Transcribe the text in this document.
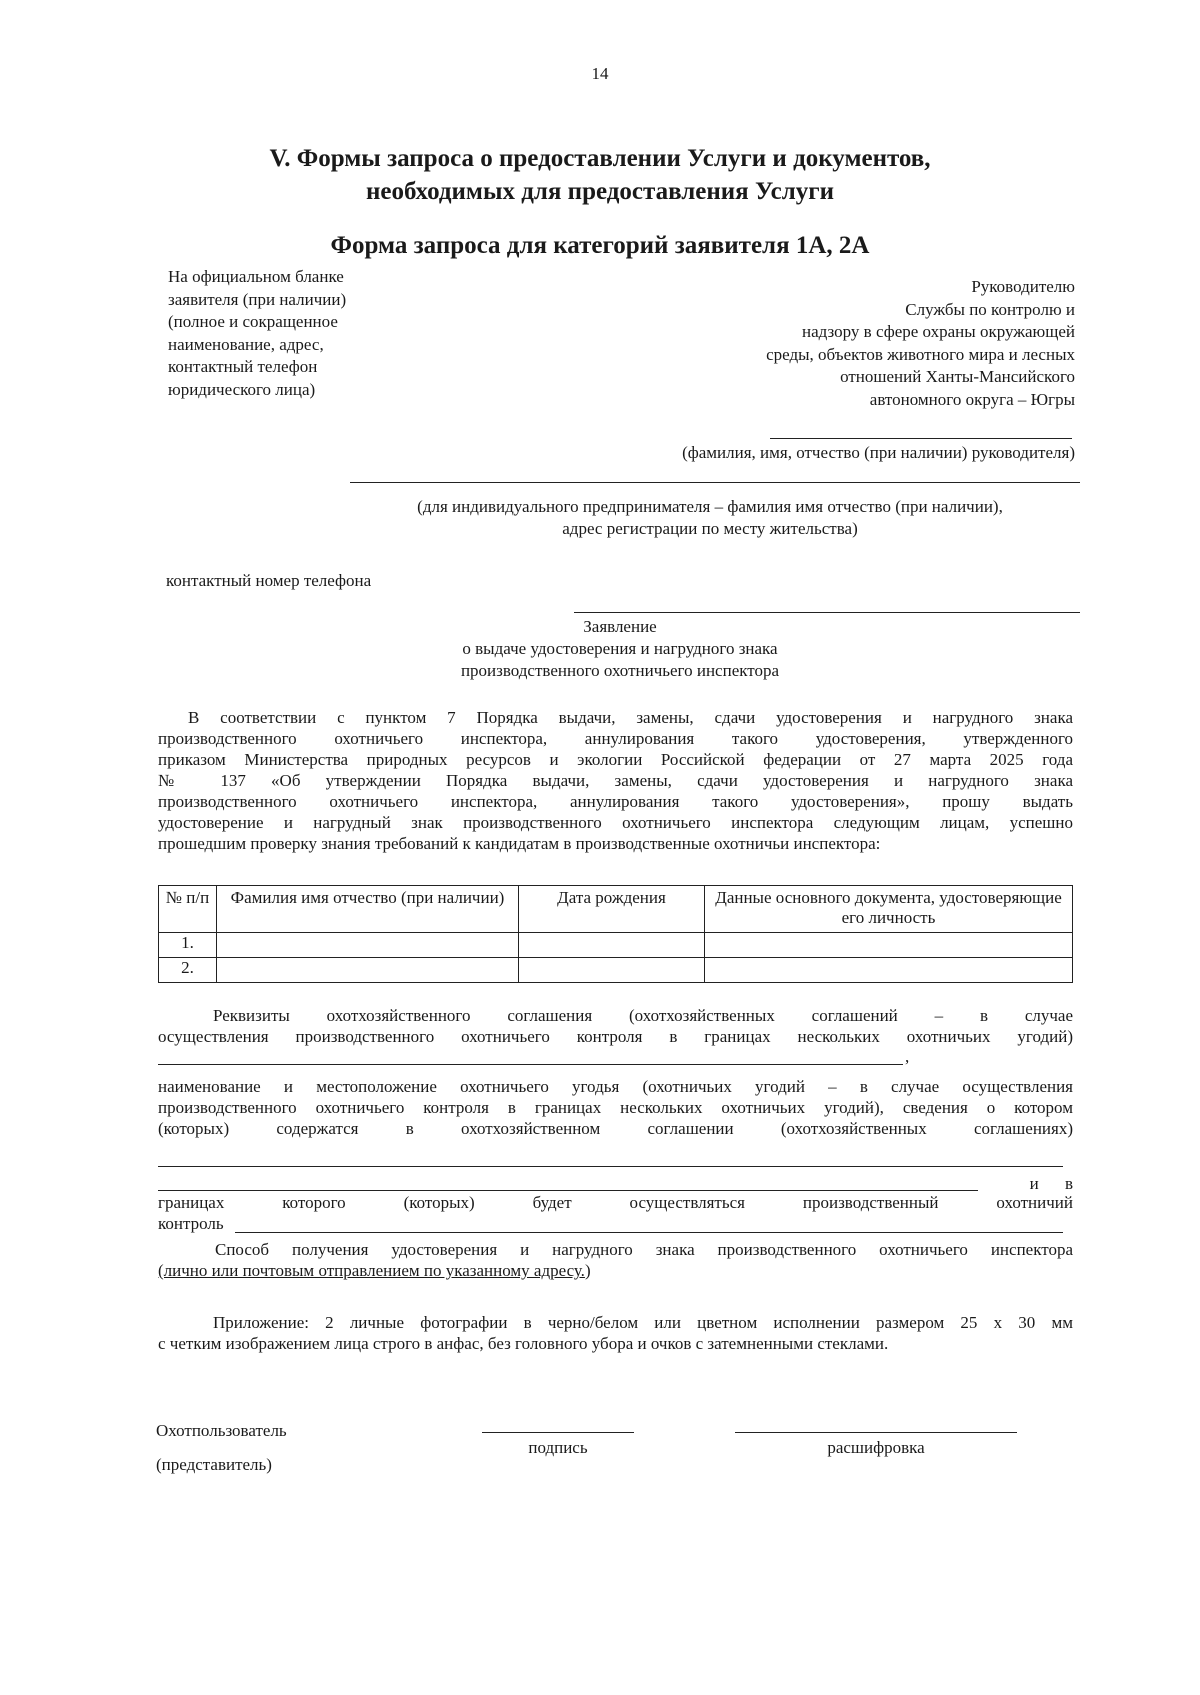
14
V. Формы запроса о предоставлении Услуги и документов,
необходимых для предоставления Услуги
Форма запроса для категорий заявителя 1А, 2А
На официальном бланке
заявителя (при наличии)
(полное и сокращенное
наименование, адрес,
контактный телефон
юридического лица)
Руководителю
Службы по контролю и
надзору в сфере охраны окружающей
среды, объектов животного мира и лесных
отношений Ханты-Мансийского
автономного округа – Югры
(фамилия, имя, отчество (при наличии) руководителя)
(для индивидуального предпринимателя – фамилия имя отчество (при наличии),
адрес регистрации по месту жительства)
контактный номер телефона
Заявление
о выдаче удостоверения и нагрудного знака
производственного охотничьего инспектора
В соответствии с пунктом 7 Порядка выдачи, замены, сдачи удостоверения и нагрудного знака
производственного охотничьего инспектора, аннулирования такого удостоверения, утвержденного
приказом Министерства природных ресурсов и экологии Российской федерации от 27 марта 2025 года
№ 137 «Об утверждении Порядка выдачи, замены, сдачи удостоверения и нагрудного знака
производственного охотничьего инспектора, аннулирования такого удостоверения», прошу выдать
удостоверение и нагрудный знак производственного охотничьего инспектора следующим лицам, успешно
прошедшим проверку знания требований к кандидатам в производственные охотничьи инспектора:
№ п/п	Фамилия имя отчество (при наличии)	Дата рождения	Данные основного документа, удостоверяющие его личность
1.			
2.			
Реквизиты охотхозяйственного соглашения (охотхозяйственных соглашений – в случае
осуществления производственного охотничьего контроля в границах нескольких охотничьих угодий)
,
наименование и местоположение охотничьего угодья (охотничьих угодий – в случае осуществления
производственного охотничьего контроля в границах нескольких охотничьих угодий), сведения о котором
(которых) содержатся в охотхозяйственном соглашении (охотхозяйственных соглашениях)
и в
границах которого (которых) будет осуществляться производственный охотничий
контроль
Способ получения удостоверения и нагрудного знака производственного охотничьего инспектора
(лично или почтовым отправлением по указанному адресу.)
Приложение: 2 личные фотографии в черно/белом или цветном исполнении размером 25 х 30 мм
с четким изображением лица строго в анфас, без головного убора и очков с затемненными стеклами.
Охотпользователь
(представитель)
подпись	расшифровка
